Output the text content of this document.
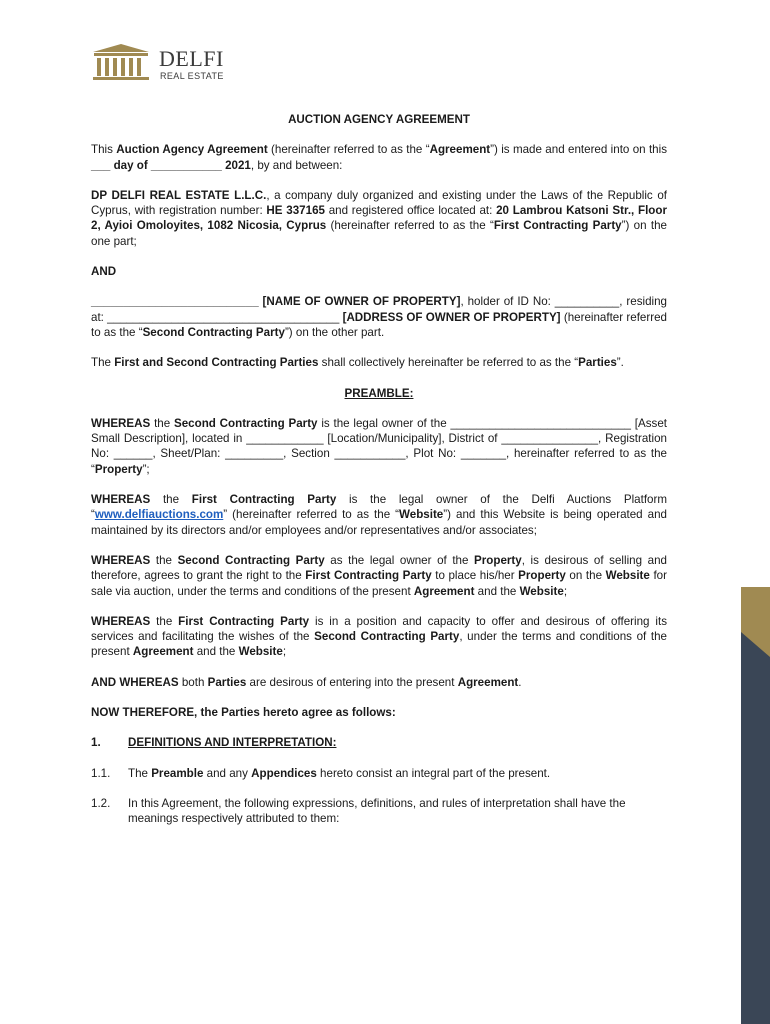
DELFI
REAL ESTATE
AUCTION AGENCY AGREEMENT

This Auction Agency Agreement (hereinafter referred to as the “Agreement”) is made and entered into on this ___ day of ___________ 2021, by and between:

DP DELFI REAL ESTATE L.L.C., a company duly organized and existing under the Laws of the Republic of Cyprus, with registration number: HE 337165 and registered office located at: 20 Lambrou Katsoni Str., Floor 2, Ayioi Omoloyites, 1082 Nicosia, Cyprus (hereinafter referred to as the “First Contracting Party”) on the one part;

AND

__________________________ [NAME OF OWNER OF PROPERTY], holder of ID No: __________, residing at: ____________________________________ [ADDRESS OF OWNER OF PROPERTY] (hereinafter referred to as the “Second Contracting Party”) on the other part.

The First and Second Contracting Parties shall collectively hereinafter be referred to as the “Parties”.

PREAMBLE:

WHEREAS the Second Contracting Party is the legal owner of the ____________________________ [Asset Small Description], located in ____________ [Location/Municipality], District of _______________, Registration No: ______, Sheet/Plan: _________, Section ___________, Plot No: _______, hereinafter referred to as the “Property”;

WHEREAS the First Contracting Party is the legal owner of the Delfi Auctions Platform “www.delfiauctions.com” (hereinafter referred to as the “Website”) and this Website is being operated and maintained by its directors and/or employees and/or representatives and/or associates;

WHEREAS the Second Contracting Party as the legal owner of the Property, is desirous of selling and therefore, agrees to grant the right to the First Contracting Party to place his/her Property on the Website for sale via auction, under the terms and conditions of the present Agreement and the Website;

WHEREAS the First Contracting Party is in a position and capacity to offer and desirous of offering its services and facilitating the wishes of the Second Contracting Party, under the terms and conditions of the present Agreement and the Website;

AND WHEREAS both Parties are desirous of entering into the present Agreement.

NOW THEREFORE, the Parties hereto agree as follows:

1.	DEFINITIONS AND INTERPRETATION:
1.1.	The Preamble and any Appendices hereto consist an integral part of the present.
1.2.	In this Agreement, the following expressions, definitions, and rules of interpretation shall have the meanings respectively attributed to them:
